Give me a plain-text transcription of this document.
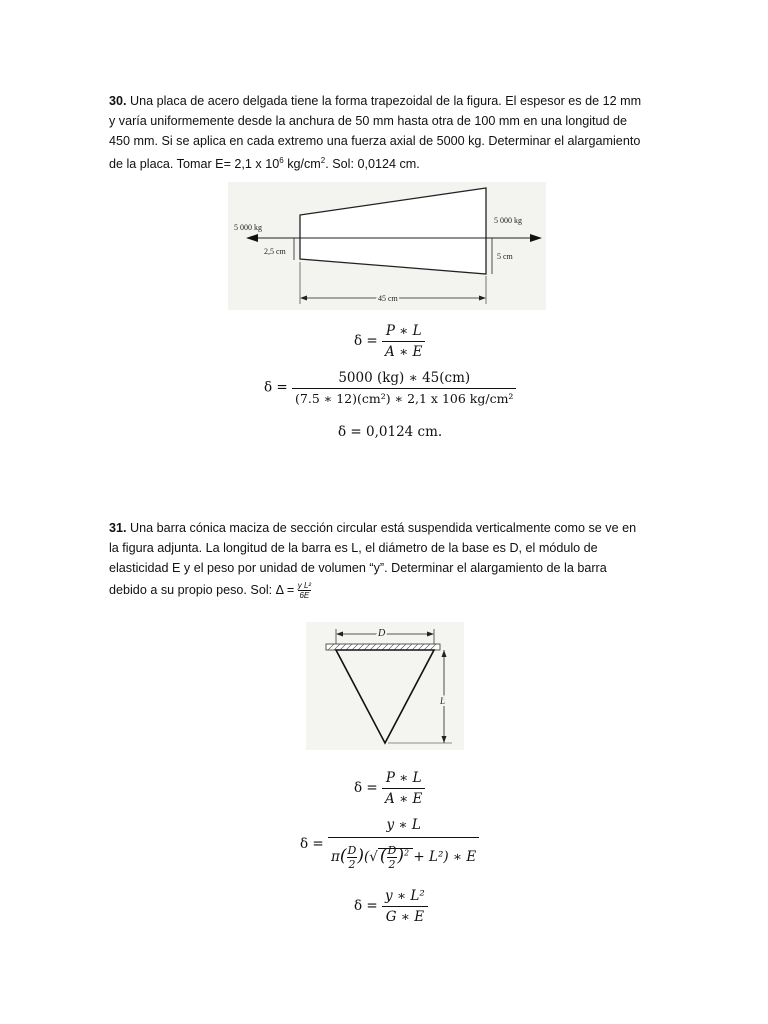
30. Una placa de acero delgada tiene la forma trapezoidal de la figura. El espesor es de 12 mm
y varía uniformemente desde la anchura de 50 mm hasta otra de 100 mm en una longitud de
450 mm. Si se aplica en cada extremo una fuerza axial de 5000 kg. Determinar el alargamiento
de la placa. Tomar E= 2,1 x $10^6$ $kg/cm^2$. Sol: 0,0124 cm.
5 000 kg
5 000 kg
2,5 cm
5 cm
45 cm
$\delta = \frac{P ∗ L}{A ∗ E}$
$\delta = \frac{5000 (kg) ∗ 45(cm)}{\text{(7.5 ∗ 12)(cm²) ∗ 2,1 x 106 kg/cm²}}$
δ = 0,0124 cm.
31. Una barra cónica maciza de sección circular está suspendida verticalmente como se ve en
la figura adjunta. La longitud de la barra es L, el diámetro de la base es D, el módulo de
elasticidad E y el peso por unidad de volumen “y”. Determinar el alargamiento de la barra
debido a su propio peso. Sol: $\Delta = \frac{\text{y L²}}{6E}$
D
L
$\delta = \frac{P ∗ L}{A ∗ E}$
$\delta = \frac{y ∗ L}{\pi( \frac{D}{2} )(√ ( \frac{D}{2} )^2 + L^2) ∗ E}$
$\delta = \frac{\text{y ∗ L²}}{G ∗ E}$
